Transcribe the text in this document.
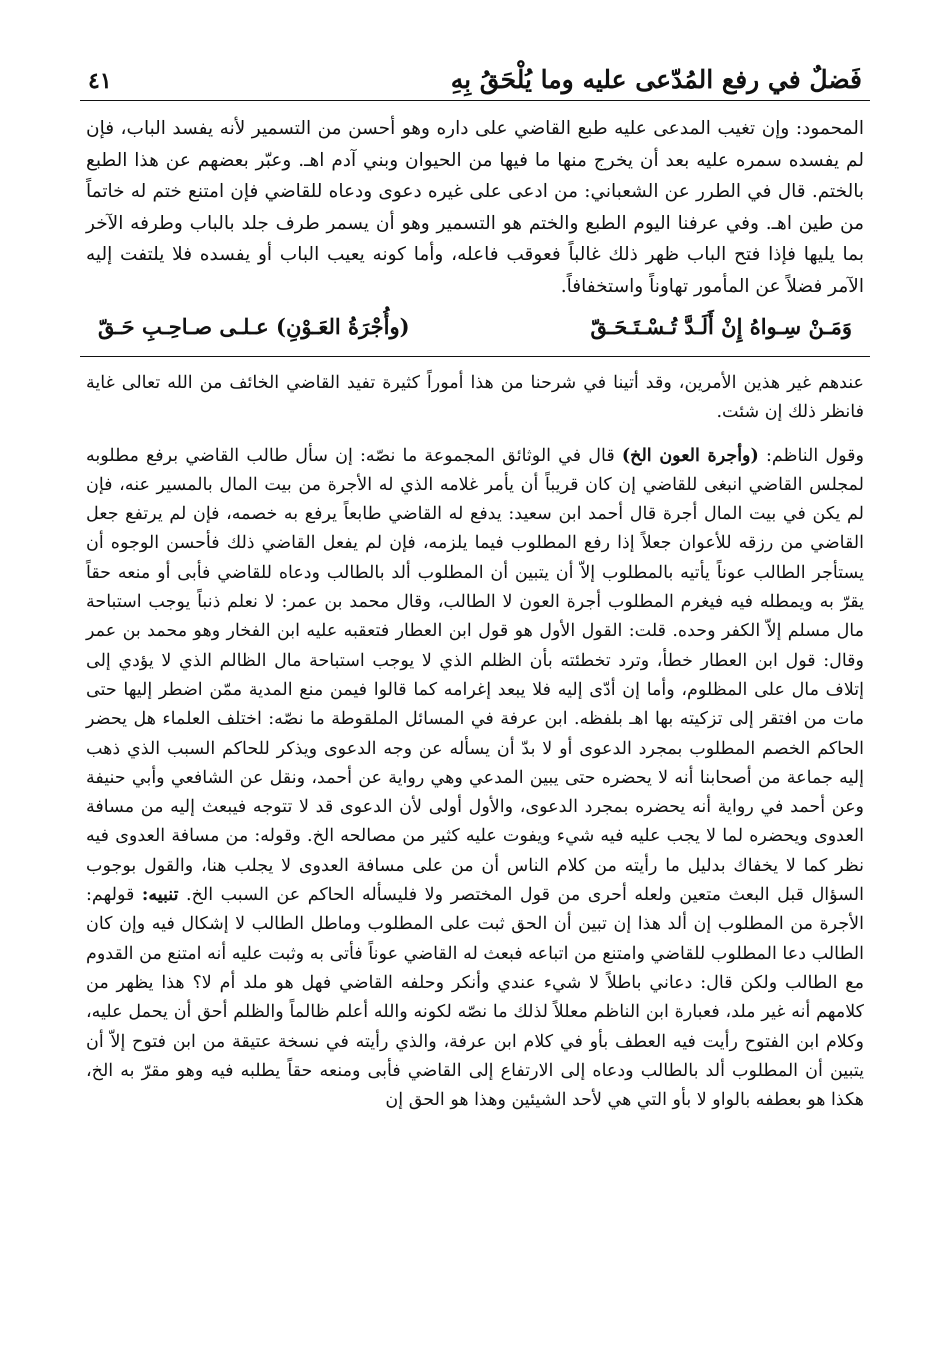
فَضلٌ في رفع المُدّعى عليه وما يُلْحَقُ بِهِ
٤١

المحمود: وإن تغيب المدعى عليه طبع القاضي على داره وهو أحسن من التسمير لأنه يفسد الباب، فإن لم يفسده سمره عليه بعد أن يخرج منها ما فيها من الحيوان وبني آدم اهـ. وعبّر بعضهم عن هذا الطبع بالختم. قال في الطرر عن الشعباني: من ادعى على غيره دعوى ودعاه للقاضي فإن امتنع ختم له خاتماً من طين اهـ. وفي عرفنا اليوم الطبع والختم هو التسمير وهو أن يسمر طرف جلد بالباب وطرفه الآخر بما يليها فإذا فتح الباب ظهر ذلك غالباً فعوقب فاعله، وأما كونه يعيب الباب أو يفسده فلا يلتفت إليه الآمر فضلاً عن المأمور تهاوناً واستخفافاً.

وَمَـنْ سِـواهُ إِنْ أَلَـدَّ تُـسْـتَـحَـقّ
(وأُجْرَةُ العَـوْنِ) عـلـى صـاحِـبِ حَـقّ

عندهم غير هذين الأمرين، وقد أتينا في شرحنا من هذا أموراً كثيرة تفيد القاضي الخائف من الله تعالى غاية فانظر ذلك إن شئت.

وقول الناظم: (وأجرة العون الخ) قال في الوثائق المجموعة ما نصّه: إن سأل طالب القاضي برفع مطلوبه لمجلس القاضي انبغى للقاضي إن كان قريباً أن يأمر غلامه الذي له الأجرة من بيت المال بالمسير عنه، فإن لم يكن في بيت المال أجرة قال أحمد ابن سعيد: يدفع له القاضي طابعاً يرفع به خصمه، فإن لم يرتفع جعل القاضي من رزقه للأعوان جعلاً إذا رفع المطلوب فيما يلزمه، فإن لم يفعل القاضي ذلك فأحسن الوجوه أن يستأجر الطالب عوناً يأتيه بالمطلوب إلاّ أن يتبين أن المطلوب ألد بالطالب ودعاه للقاضي فأبى أو منعه حقاً يقرّ به ويمطله فيه فيغرم المطلوب أجرة العون لا الطالب، وقال محمد بن عمر: لا نعلم ذنباً يوجب استباحة مال مسلم إلاّ الكفر وحده. قلت: القول الأول هو قول ابن العطار فتعقبه عليه ابن الفخار وهو محمد بن عمر وقال: قول ابن العطار خطأ، وترد تخطئته بأن الظلم الذي لا يوجب استباحة مال الظالم الذي لا يؤدي إلى إتلاف مال على المظلوم، وأما إن أدّى إليه فلا يبعد إغرامه كما قالوا فيمن منع المدية ممّن اضطر إليها حتى مات من افتقر إلى تزكيته بها اهـ بلفظه. ابن عرفة في المسائل الملقوطة ما نصّه: اختلف العلماء هل يحضر الحاكم الخصم المطلوب بمجرد الدعوى أو لا بدّ أن يسأله عن وجه الدعوى ويذكر للحاكم السبب الذي ذهب إليه جماعة من أصحابنا أنه لا يحضره حتى يبين المدعي وهي رواية عن أحمد، ونقل عن الشافعي وأبي حنيفة وعن أحمد في رواية أنه يحضره بمجرد الدعوى، والأول أولى لأن الدعوى قد لا تتوجه فيبعث إليه من مسافة العدوى ويحضره لما لا يجب عليه فيه شيء ويفوت عليه كثير من مصالحه الخ. وقوله: من مسافة العدوى فيه نظر كما لا يخفاك بدليل ما رأيته من كلام الناس أن من على مسافة العدوى لا يجلب هنا، والقول بوجوب السؤال قبل البعث متعين ولعله أحرى من قول المختصر ولا فليسأله الحاكم عن السبب الخ. تنبيه: قولهم: الأجرة من المطلوب إن ألد هذا إن تبين أن الحق ثبت على المطلوب وماطل الطالب لا إشكال فيه وإن كان الطالب دعا المطلوب للقاضي وامتنع من اتباعه فبعث له القاضي عوناً فأتى به وثبت عليه أنه امتنع من القدوم مع الطالب ولكن قال: دعاني باطلاً لا شيء عندي وأنكر وحلفه القاضي فهل هو ملد أم لا؟ هذا يظهر من كلامهم أنه غير ملد، فعبارة ابن الناظم معللاً لذلك ما نصّه لكونه والله أعلم ظالماً والظلم أحق أن يحمل عليه، وكلام ابن الفتوح رأيت فيه العطف بأو في كلام ابن عرفة، والذي رأيته في نسخة عتيقة من ابن فتوح إلاّ أن يتبين أن المطلوب ألد بالطالب ودعاه إلى الارتفاع إلى القاضي فأبى ومنعه حقاً يطلبه فيه وهو مقرّ به الخ، هكذا هو بعطفه بالواو لا بأو التي هي لأحد الشيئين وهذا هو الحق إن
